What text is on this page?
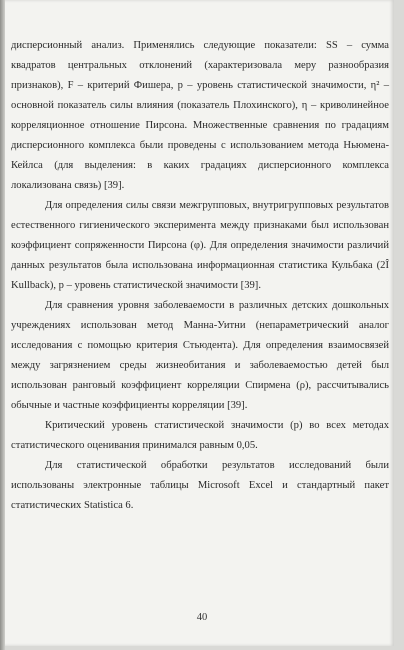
дисперсионный анализ. Применялись следующие показатели: SS – сумма квадратов центральных отклонений (характеризовала меру разнообразия признаков), F – критерий Фишера, p – уровень статистической значимости, η² – основной показатель силы влияния (показатель Плохинского), η – криволинейное корреляционное отношение Пирсона. Множественные сравнения по градациям дисперсионного комплекса были проведены с использованием метода Ньюмена-Кейлса (для выделения: в каких градациях дисперсионного комплекса локализована связь) [39].

Для определения силы связи межгрупповых, внутригрупповых результатов естественного гигиенического эксперимента между признаками был использован коэффициент сопряженности Пирсона (φ). Для определения значимости различий данных результатов была использована информационная статистика Кульбака (2Î Kullback), p – уровень статистической значимости [39].

Для сравнения уровня заболеваемости в различных детских дошкольных учреждениях использован метод Манна-Уитни (непараметрический аналог исследования с помощью критерия Стьюдента). Для определения взаимосвязей между загрязнением среды жизнеобитания и заболеваемостью детей был использован ранговый коэффициент корреляции Спирмена (ρ), рассчитывались обычные и частные коэффициенты корреляции [39].

Критический уровень статистической значимости (p) во всех методах статистического оценивания принимался равным 0,05.

Для статистической обработки результатов исследований были использованы электронные таблицы Microsoft Excel и стандартный пакет статистических Statistica 6.

40
